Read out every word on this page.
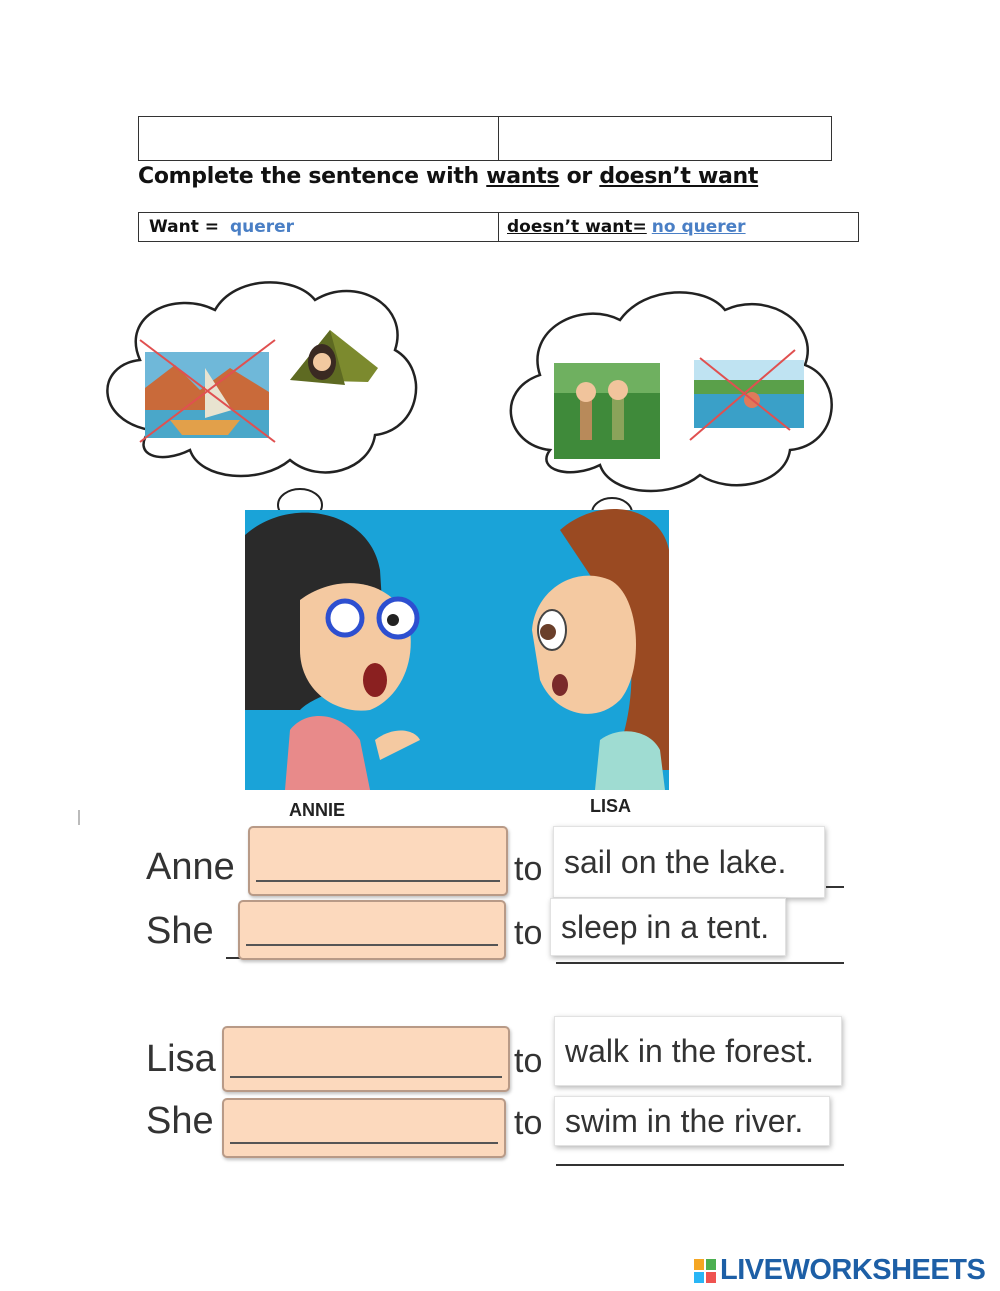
Complete the sentence with wants or doesn’t want
Want = querer	doesn’t want= no querer
ANNIE	LISA
Anne	to sail on the lake.
She	to sleep in a tent.
Lisa	to walk in the forest.
She	to swim in the river.
LIVEWORKSHEETS
